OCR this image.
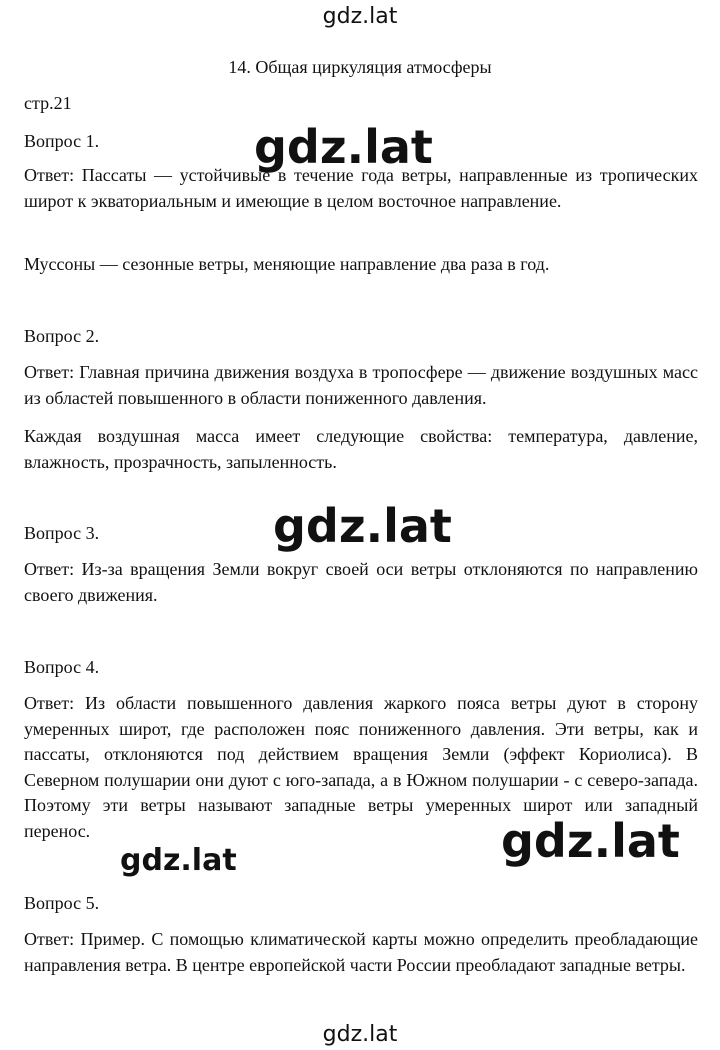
gdz.lat
14. Общая циркуляция атмосферы

стр.21

Вопрос 1.

Ответ: Пассаты — устойчивые в течение года ветры, направленные из тропических широт к экваториальным и имеющие в целом восточное направление.

Муссоны — сезонные ветры, меняющие направление два раза в год.

Вопрос 2.

Ответ: Главная причина движения воздуха в тропосфере — движение воздушных масс из областей повышенного в области пониженного давления.

Каждая воздушная масса имеет следующие свойства: температура, давление, влажность, прозрачность, запыленность.

Вопрос 3.

Ответ: Из-за вращения Земли вокруг своей оси ветры отклоняются по направлению своего движения.

Вопрос 4.

Ответ: Из области повышенного давления жаркого пояса ветры дуют в сторону умеренных широт, где расположен пояс пониженного давления. Эти ветры, как и пассаты, отклоняются под действием вращения Земли (эффект Кориолиса). В Северном полушарии они дуют с юго-запада, а в Южном полушарии - с северо-запада. Поэтому эти ветры называют западные ветры умеренных широт или западный перенос.

Вопрос 5.

Ответ: Пример. С помощью климатической карты можно определить преобладающие направления ветра. В центре европейской части России преобладают западные ветры.

gdz.lat
gdz.lat
gdz.lat
gdz.lat
gdz.lat
